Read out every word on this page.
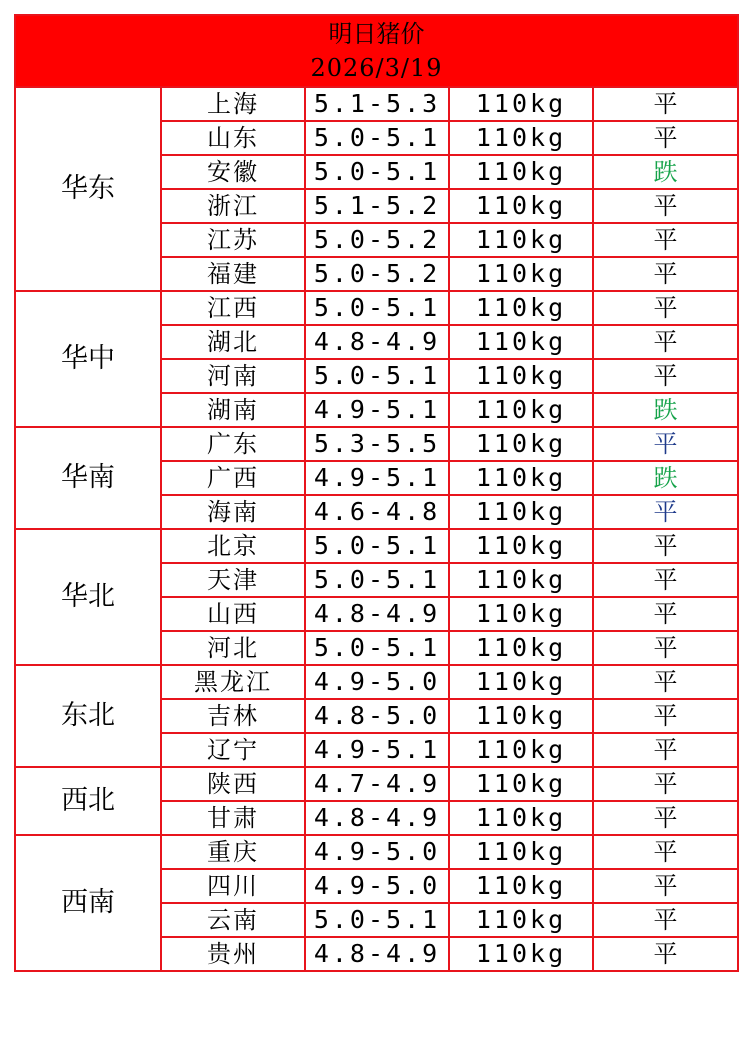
明日猪价
2026/3/19				

华东	上海	5.1-5.3	110kg	平
	山东	5.0-5.1	110kg	平
	安徽	5.0-5.1	110kg	跌
	浙江	5.1-5.2	110kg	平
	江苏	5.0-5.2	110kg	平
	福建	5.0-5.2	110kg	平
华中	江西	5.0-5.1	110kg	平
	湖北	4.8-4.9	110kg	平
	河南	5.0-5.1	110kg	平
	湖南	4.9-5.1	110kg	跌
华南	广东	5.3-5.5	110kg	平
	广西	4.9-5.1	110kg	跌
	海南	4.6-4.8	110kg	平
华北	北京	5.0-5.1	110kg	平
	天津	5.0-5.1	110kg	平
	山西	4.8-4.9	110kg	平
	河北	5.0-5.1	110kg	平
东北	黑龙江	4.9-5.0	110kg	平
	吉林	4.8-5.0	110kg	平
	辽宁	4.9-5.1	110kg	平
西北	陕西	4.7-4.9	110kg	平
	甘肃	4.8-4.9	110kg	平
西南	重庆	4.9-5.0	110kg	平
	四川	4.9-5.0	110kg	平
	云南	5.0-5.1	110kg	平
	贵州	4.8-4.9	110kg	平
